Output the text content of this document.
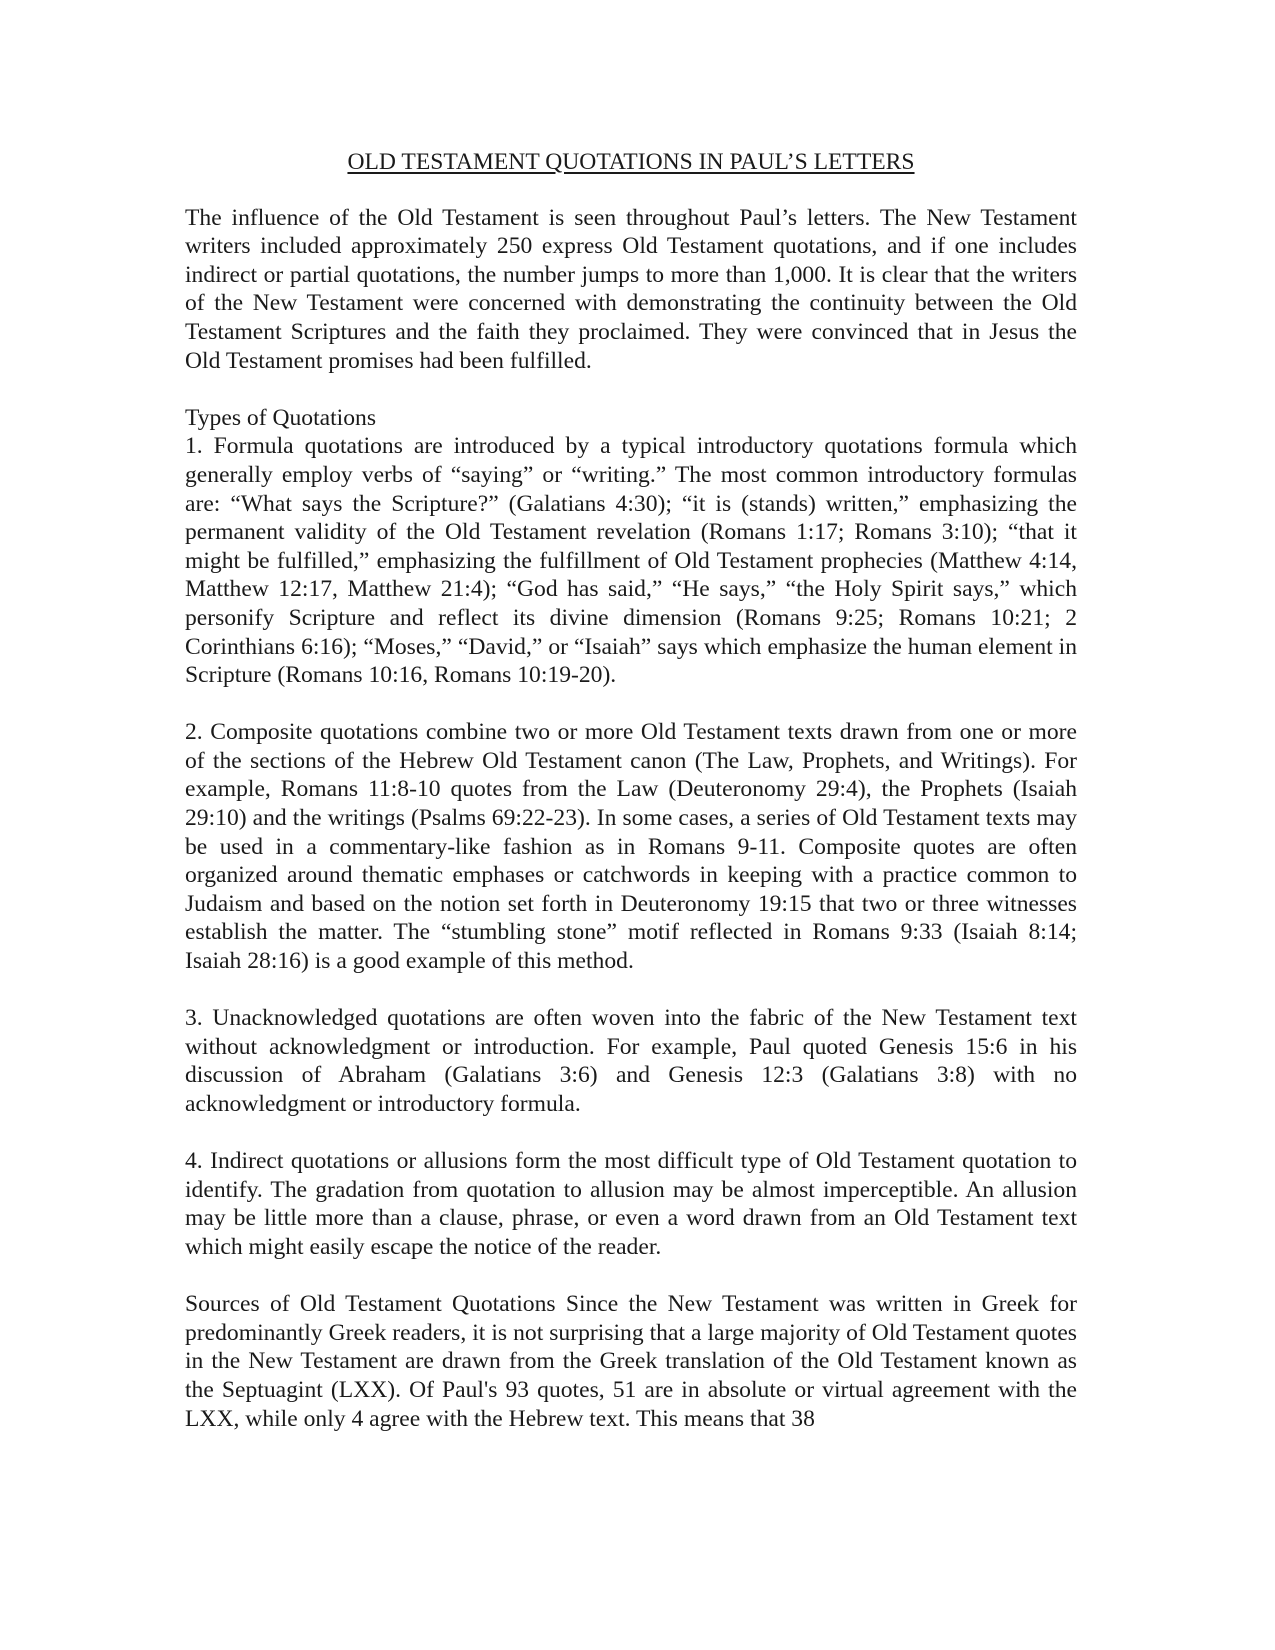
OLD TESTAMENT QUOTATIONS IN PAUL’S LETTERS

The influence of the Old Testament is seen throughout Paul’s letters. The New Testament writers included approximately 250 express Old Testament quotations, and if one includes indirect or partial quotations, the number jumps to more than 1,000. It is clear that the writers of the New Testament were concerned with demonstrating the continuity between the Old Testament Scriptures and the faith they proclaimed. They were convinced that in Jesus the Old Testament promises had been fulfilled.

Types of Quotations

1. Formula quotations are introduced by a typical introductory quotations formula which generally employ verbs of “saying” or “writing.” The most common introductory formulas are: “What says the Scripture?” (Galatians 4:30); “it is (stands) written,” emphasizing the permanent validity of the Old Testament revelation (Romans 1:17; Romans 3:10); “that it might be fulfilled,” emphasizing the fulfillment of Old Testament prophecies (Matthew 4:14, Matthew 12:17, Matthew 21:4); “God has said,” “He says,” “the Holy Spirit says,” which personify Scripture and reflect its divine dimension (Romans 9:25; Romans 10:21; 2 Corinthians 6:16); “Moses,” “David,” or “Isaiah” says which emphasize the human element in Scripture (Romans 10:16, Romans 10:19-20).

2. Composite quotations combine two or more Old Testament texts drawn from one or more of the sections of the Hebrew Old Testament canon (The Law, Prophets, and Writings). For example, Romans 11:8-10 quotes from the Law (Deuteronomy 29:4), the Prophets (Isaiah 29:10) and the writings (Psalms 69:22-23). In some cases, a series of Old Testament texts may be used in a commentary-like fashion as in Romans 9-11. Composite quotes are often organized around thematic emphases or catchwords in keeping with a practice common to Judaism and based on the notion set forth in Deuteronomy 19:15 that two or three witnesses establish the matter. The “stumbling stone” motif reflected in Romans 9:33 (Isaiah 8:14; Isaiah 28:16) is a good example of this method.

3. Unacknowledged quotations are often woven into the fabric of the New Testament text without acknowledgment or introduction. For example, Paul quoted Genesis 15:6 in his discussion of Abraham (Galatians 3:6) and Genesis 12:3 (Galatians 3:8) with no acknowledgment or introductory formula.

4. Indirect quotations or allusions form the most difficult type of Old Testament quotation to identify. The gradation from quotation to allusion may be almost imperceptible. An allusion may be little more than a clause, phrase, or even a word drawn from an Old Testament text which might easily escape the notice of the reader.

Sources of Old Testament Quotations Since the New Testament was written in Greek for predominantly Greek readers, it is not surprising that a large majority of Old Testament quotes in the New Testament are drawn from the Greek translation of the Old Testament known as the Septuagint (LXX). Of Paul's 93 quotes, 51 are in absolute or virtual agreement with the LXX, while only 4 agree with the Hebrew text. This means that 38
